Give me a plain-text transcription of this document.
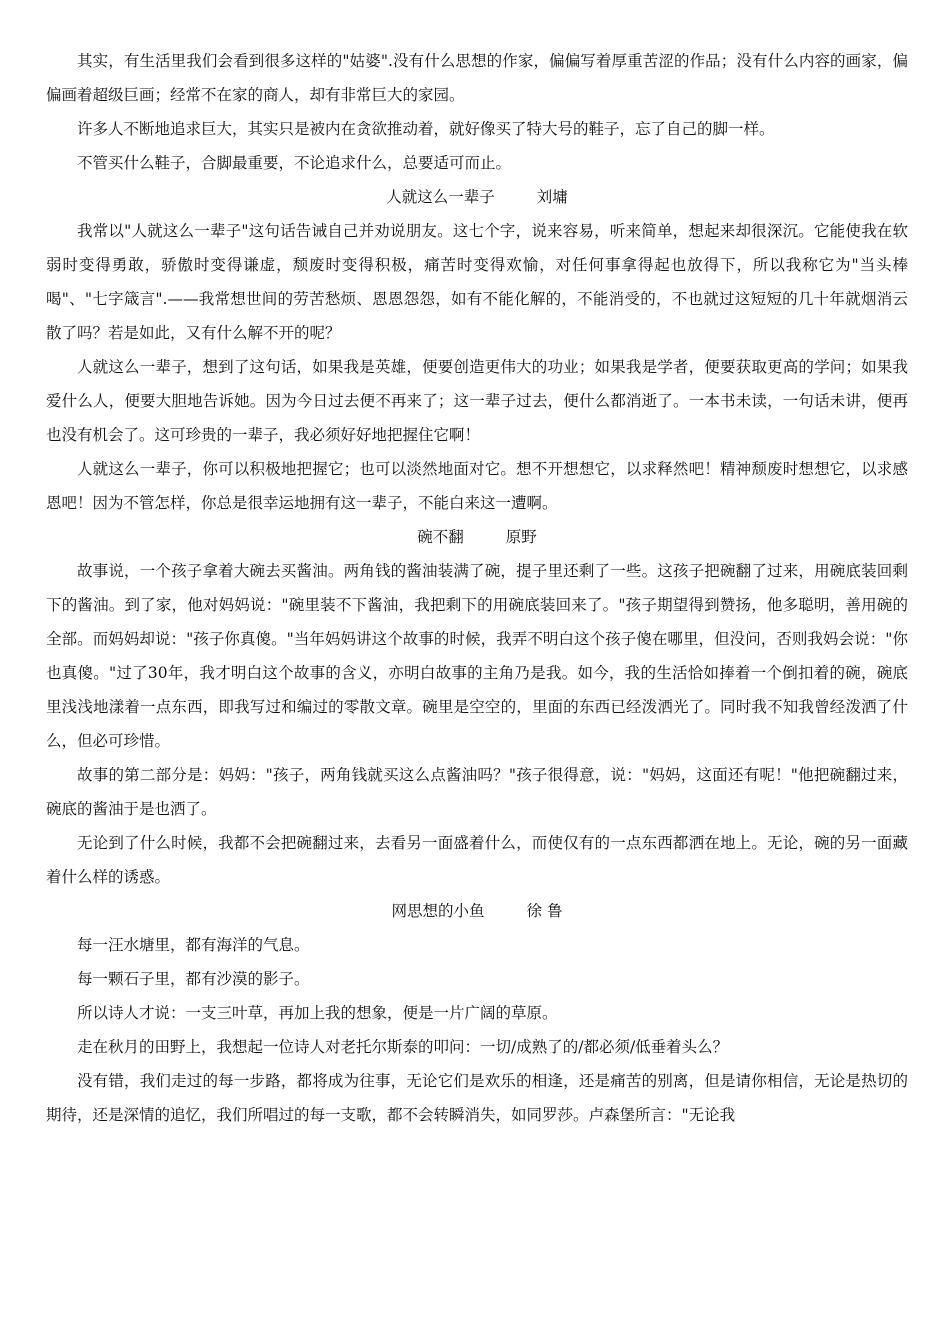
其实，有生活里我们会看到很多这样的"姑婆".没有什么思想的作家，偏偏写着厚重苦涩的作品；没有什么内容的画家，偏偏画着超级巨画；经常不在家的商人，却有非常巨大的家园。

许多人不断地追求巨大，其实只是被内在贪欲推动着，就好像买了特大号的鞋子，忘了自己的脚一样。

不管买什么鞋子，合脚最重要，不论追求什么，总要适可而止。

人就这么一辈子	刘墉

我常以"人就这么一辈子"这句话告诫自己并劝说朋友。这七个字，说来容易，听来简单，想起来却很深沉。它能使我在软弱时变得勇敢，骄傲时变得谦虚，颓废时变得积极，痛苦时变得欢愉，对任何事拿得起也放得下，所以我称它为"当头棒喝"、"七字箴言".——我常想世间的劳苦愁烦、恩恩怨怨，如有不能化解的，不能消受的，不也就过这短短的几十年就烟消云散了吗？若是如此，又有什么解不开的呢？

人就这么一辈子，想到了这句话，如果我是英雄，便要创造更伟大的功业；如果我是学者，便要获取更高的学问；如果我爱什么人，便要大胆地告诉她。因为今日过去便不再来了；这一辈子过去，便什么都消逝了。一本书未读，一句话未讲，便再也没有机会了。这可珍贵的一辈子，我必须好好地把握住它啊！

人就这么一辈子，你可以积极地把握它；也可以淡然地面对它。想不开想想它，以求释然吧！精神颓废时想想它，以求感恩吧！因为不管怎样，你总是很幸运地拥有这一辈子，不能白来这一遭啊。

碗不翻	原野

故事说，一个孩子拿着大碗去买酱油。两角钱的酱油装满了碗，提子里还剩了一些。这孩子把碗翻了过来，用碗底装回剩下的酱油。到了家，他对妈妈说："碗里装不下酱油，我把剩下的用碗底装回来了。"孩子期望得到赞扬，他多聪明，善用碗的全部。而妈妈却说："孩子你真傻。"当年妈妈讲这个故事的时候，我弄不明白这个孩子傻在哪里，但没问，否则我妈会说："你也真傻。"过了30年，我才明白这个故事的含义，亦明白故事的主角乃是我。如今，我的生活恰如捧着一个倒扣着的碗，碗底里浅浅地漾着一点东西，即我写过和编过的零散文章。碗里是空空的，里面的东西已经泼洒光了。同时我不知我曾经泼洒了什么，但必可珍惜。

故事的第二部分是：妈妈："孩子，两角钱就买这么点酱油吗？"孩子很得意，说："妈妈，这面还有呢！"他把碗翻过来，碗底的酱油于是也洒了。

无论到了什么时候，我都不会把碗翻过来，去看另一面盛着什么，而使仅有的一点东西都洒在地上。无论，碗的另一面藏着什么样的诱惑。

网思想的小鱼	徐 鲁

每一汪水塘里，都有海洋的气息。

每一颗石子里，都有沙漠的影子。

所以诗人才说：一支三叶草，再加上我的想象，便是一片广阔的草原。

走在秋月的田野上，我想起一位诗人对老托尔斯泰的叩问：一切/成熟了的/都必须/低垂着头么？

没有错，我们走过的每一步路，都将成为往事，无论它们是欢乐的相逢，还是痛苦的别离，但是请你相信，无论是热切的期待，还是深情的追忆，我们所唱过的每一支歌，都不会转瞬消失，如同罗莎。卢森堡所言："无论我
